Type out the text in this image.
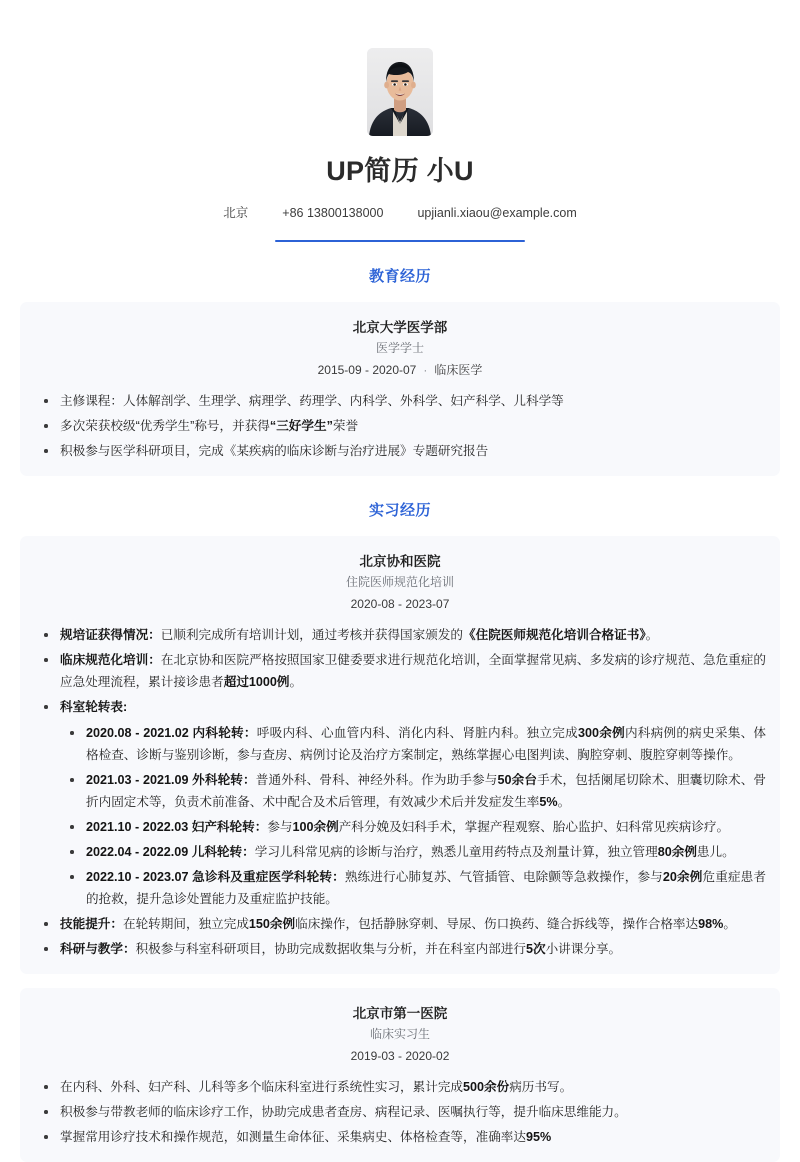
UP简历 小U
北京	+86 13800138000	upjianli.xiaou@example.com
教育经历
北京大学医学部
医学学士
2015-09 - 2020-07 · 临床医学
主修课程：人体解剖学、生理学、病理学、药理学、内科学、外科学、妇产科学、儿科学等
多次荣获校级“优秀学生”称号，并获得“三好学生”荣誉
积极参与医学科研项目，完成《某疾病的临床诊断与治疗进展》专题研究报告
实习经历
北京协和医院
住院医师规范化培训
2020-08 - 2023-07
规培证获得情况：已顺利完成所有培训计划，通过考核并获得国家颁发的《住院医师规范化培训合格证书》。
临床规范化培训：在北京协和医院严格按照国家卫健委要求进行规范化培训，全面掌握常见病、多发病的诊疗规范、急危重症的应急处理流程，累计接诊患者超过1000例。
科室轮转表:
2020.08 - 2021.02 内科轮转：呼吸内科、心血管内科、消化内科、肾脏内科。独立完成300余例内科病例的病史采集、体格检查、诊断与鉴别诊断，参与查房、病例讨论及治疗方案制定，熟练掌握心电图判读、胸腔穿刺、腹腔穿刺等操作。
2021.03 - 2021.09 外科轮转：普通外科、骨科、神经外科。作为助手参与50余台手术，包括阑尾切除术、胆囊切除术、骨折内固定术等，负责术前准备、术中配合及术后管理，有效减少术后并发症发生率5%。
2021.10 - 2022.03 妇产科轮转：参与100余例产科分娩及妇科手术，掌握产程观察、胎心监护、妇科常见疾病诊疗。
2022.04 - 2022.09 儿科轮转：学习儿科常见病的诊断与治疗，熟悉儿童用药特点及剂量计算，独立管理80余例患儿。
2022.10 - 2023.07 急诊科及重症医学科轮转：熟练进行心肺复苏、气管插管、电除颤等急救操作，参与20余例危重症患者的抢救，提升急诊处置能力及重症监护技能。
技能提升：在轮转期间，独立完成150余例临床操作，包括静脉穿刺、导尿、伤口换药、缝合拆线等，操作合格率达98%。
科研与教学：积极参与科室科研项目，协助完成数据收集与分析，并在科室内部进行5次小讲课分享。
北京市第一医院
临床实习生
2019-03 - 2020-02
在内科、外科、妇产科、儿科等多个临床科室进行系统性实习，累计完成500余份病历书写。
积极参与带教老师的临床诊疗工作，协助完成患者查房、病程记录、医嘱执行等，提升临床思维能力。
掌握常用诊疗技术和操作规范，如测量生命体征、采集病史、体格检查等，准确率达95%
